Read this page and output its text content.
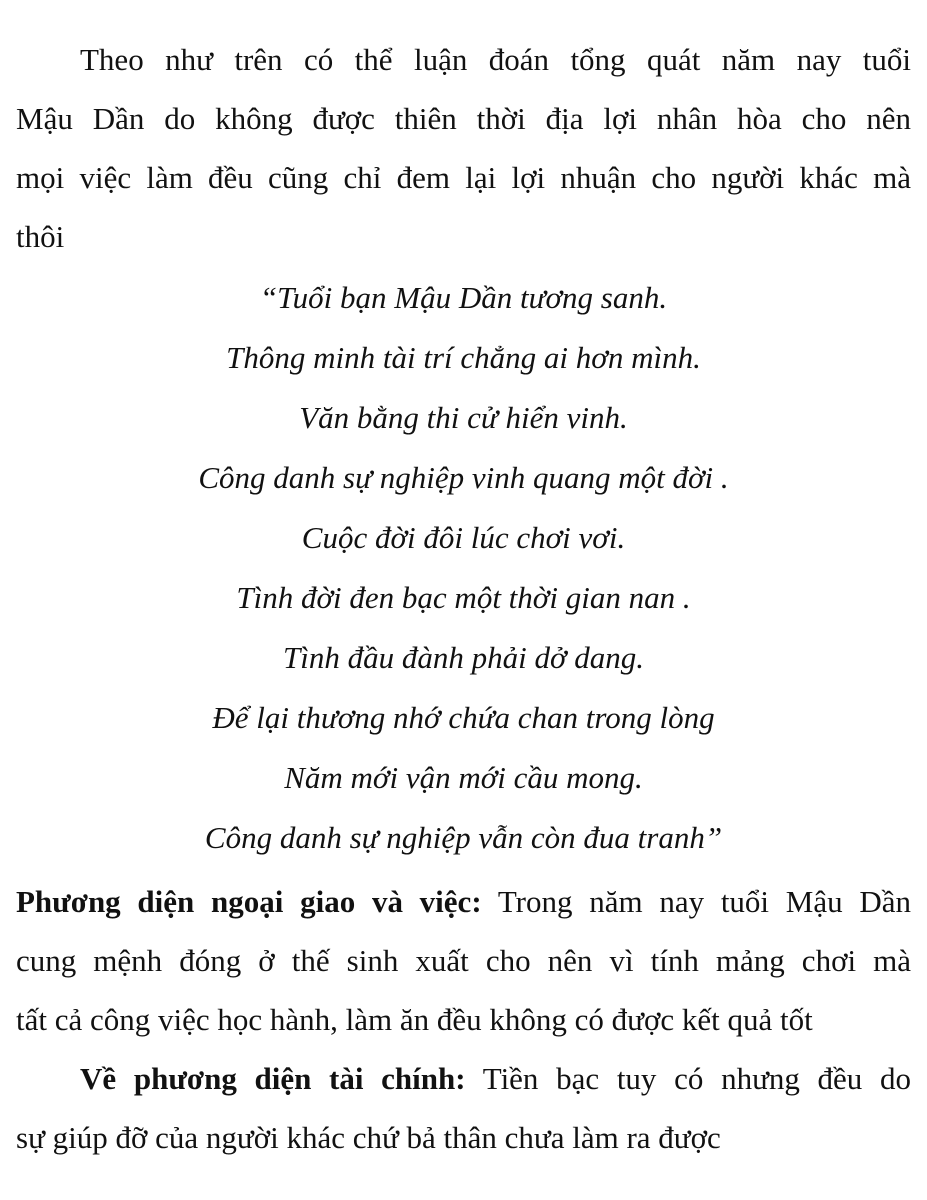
Theo như trên có thể luận đoán tổng quát năm nay tuổi
Mậu Dần do không được thiên thời địa lợi nhân hòa cho nên
mọi việc làm đều cũng chỉ đem lại lợi nhuận cho người khác mà
thôi
“Tuổi bạn Mậu Dần tương sanh.
Thông minh tài trí chẳng ai hơn mình.
Văn bằng thi cử hiển vinh.
Công danh sự nghiệp vinh quang một đời .
Cuộc đời đôi lúc chơi vơi.
Tình đời đen bạc một thời gian nan .
Tình đầu đành phải dở dang.
Để lại thương nhớ chứa chan trong lòng
Năm mới vận mới cầu mong.
Công danh sự nghiệp vẫn còn đua tranh”
Phương diện ngoại giao và việc: Trong năm nay tuổi Mậu Dần
cung mệnh đóng ở thế sinh xuất cho nên vì tính mảng chơi mà
tất cả công việc học hành, làm ăn đều không có được kết quả tốt
Về phương diện tài chính: Tiền bạc tuy có nhưng đều do
sự giúp đỡ của người khác chứ bả thân chưa làm ra được
